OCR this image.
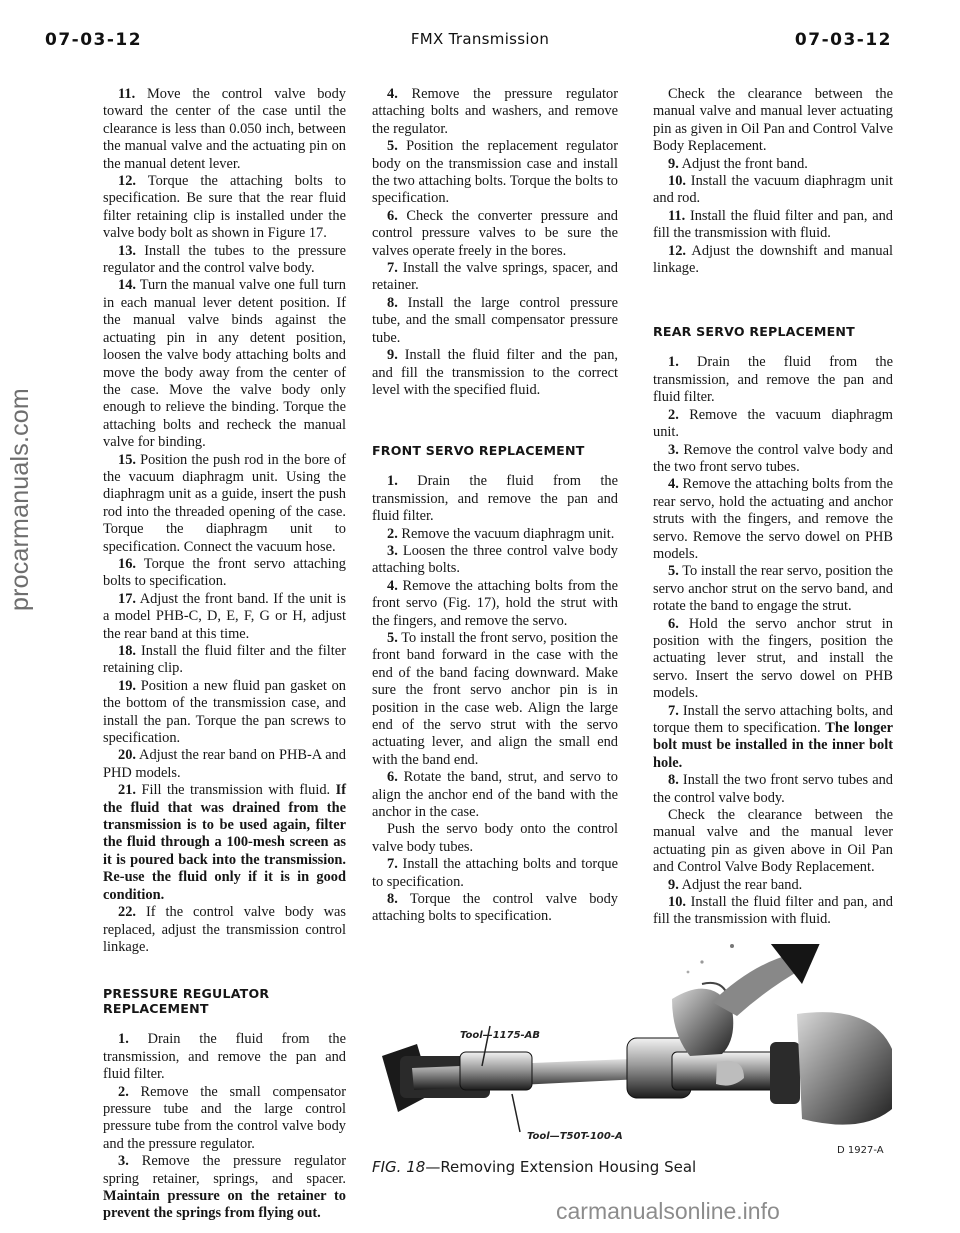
procarmanuals.com
07-03-12	FMX Transmission	07-03-12

11. Move the control valve body toward the center of the case until the clearance is less than 0.050 inch, between the manual valve and the actuating pin on the manual detent lever.

12. Torque the attaching bolts to specification. Be sure that the rear fluid filter retaining clip is installed under the valve body bolt as shown in Figure 17.

13. Install the tubes to the pressure regulator and the control valve body.

14. Turn the manual valve one full turn in each manual lever detent position. If the manual valve binds against the actuating pin in any detent position, loosen the valve body attaching bolts and move the body away from the center of the case. Move the valve body only enough to relieve the binding. Torque the attaching bolts and recheck the manual valve for binding.

15. Position the push rod in the bore of the vacuum diaphragm unit. Using the diaphragm unit as a guide, insert the push rod into the threaded opening of the case. Torque the diaphragm unit to specification. Connect the vacuum hose.

16. Torque the front servo attaching bolts to specification.

17. Adjust the front band. If the unit is a model PHB-C, D, E, F, G or H, adjust the rear band at this time.

18. Install the fluid filter and the filter retaining clip.

19. Position a new fluid pan gasket on the bottom of the transmission case, and install the pan. Torque the pan screws to specification.

20. Adjust the rear band on PHB-A and PHD models.

21. Fill the transmission with fluid. If the fluid that was drained from the transmission is to be used again, filter the fluid through a 100-mesh screen as it is poured back into the transmission. Re-use the fluid only if it is in good condition.

22. If the control valve body was replaced, adjust the transmission control linkage.

PRESSURE REGULATOR
REPLACEMENT

1. Drain the fluid from the transmission, and remove the pan and fluid filter.

2. Remove the small compensator pressure tube and the large control pressure tube from the control valve body and the pressure regulator.

3. Remove the pressure regulator spring retainer, springs, and spacer. Maintain pressure on the retainer to prevent the springs from flying out.

4. Remove the pressure regulator attaching bolts and washers, and remove the regulator.

5. Position the replacement regulator body on the transmission case and install the two attaching bolts. Torque the bolts to specification.

6. Check the converter pressure and control pressure valves to be sure the valves operate freely in the bores.

7. Install the valve springs, spacer, and retainer.

8. Install the large control pressure tube, and the small compensator pressure tube.

9. Install the fluid filter and the pan, and fill the transmission to the correct level with the specified fluid.

FRONT SERVO REPLACEMENT

1. Drain the fluid from the transmission, and remove the pan and fluid filter.

2. Remove the vacuum diaphragm unit.

3. Loosen the three control valve body attaching bolts.

4. Remove the attaching bolts from the front servo (Fig. 17), hold the strut with the fingers, and remove the servo.

5. To install the front servo, position the front band forward in the case with the end of the band facing downward. Make sure the front servo anchor pin is in position in the case web. Align the large end of the servo strut with the servo actuating lever, and align the small end with the band end.

6. Rotate the band, strut, and servo to align the anchor end of the band with the anchor in the case.

Push the servo body onto the control valve body tubes.

7. Install the attaching bolts and torque to specification.

8. Torque the control valve body attaching bolts to specification.

Check the clearance between the manual valve and manual lever actuating pin as given in Oil Pan and Control Valve Body Replacement.

9. Adjust the front band.

10. Install the vacuum diaphragm unit and rod.

11. Install the fluid filter and pan, and fill the transmission with fluid.

12. Adjust the downshift and manual linkage.

REAR SERVO REPLACEMENT

1. Drain the fluid from the transmission, and remove the pan and fluid filter.

2. Remove the vacuum diaphragm unit.

3. Remove the control valve body and the two front servo tubes.

4. Remove the attaching bolts from the rear servo, hold the actuating and anchor struts with the fingers, and remove the servo. Remove the servo dowel on PHB models.

5. To install the rear servo, position the servo anchor strut on the servo band, and rotate the band to engage the strut.

6. Hold the servo anchor strut in position with the fingers, position the actuating lever strut, and install the servo. Insert the servo dowel on PHB models.

7. Install the servo attaching bolts, and torque them to specification. The longer bolt must be installed in the inner bolt hole.

8. Install the two front servo tubes and the control valve body.

Check the clearance between the manual valve and the manual lever actuating pin as given above in Oil Pan and Control Valve Body Replacement.

9. Adjust the rear band.

10. Install the fluid filter and pan, and fill the transmission with fluid.

Tool—1175-AB
Tool—T50T-100-A
D 1927-A
FIG. 18—Removing Extension Housing Seal
carmanualsonline.info
